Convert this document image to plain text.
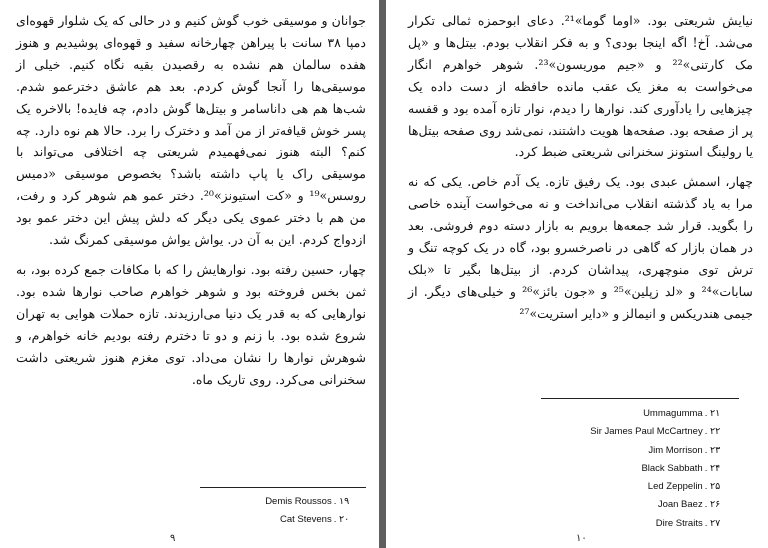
جوانان و موسیقی خوب گوش کنیم و در حالی که یک شلوار قهوه‌ای دمپا ۳۸ سانت با پیراهن چهارخانه سفید و قهوه‌ای پوشیدیم و هنوز هفده سالمان هم نشده به رقصیدن بقیه نگاه کنیم. خیلی از موسیقی‌ها را آنجا گوش کردم. بعد هم عاشق دخترعمو شدم. شب‌ها هم هی داناسامر و بیتل‌ها گوش دادم، چه فایده! بالاخره یک پسر خوش قیافه‌تر از من آمد و دخترک را برد. حالا هم نوه دارد. چه کنم؟ البته هنوز نمی‌فهمیدم شریعتی چه اختلافی می‌تواند با موسیقی راک یا پاپ داشته باشد؟ بخصوص موسیقی «دمیس روسس»¹⁹ و «کت استیونز»²⁰. دختر عمو هم شوهر کرد و رفت، من هم با دختر عمو‌ی یکی دیگر که دلش پیش این دختر عمو بود ازدواج کردم. این به آن در. یواش یواش موسیقی کمرنگ شد.

چهار، حسین رفته بود. نوارهایش را که با مکافات جمع کرده بود، به ثمن بخس فروخته بود و شوهر خواهرم صاحب نوارها شده بود. نوارهایی که به قدر یک دنیا می‌ارزیدند. تازه حملات هوایی به تهران شروع شده بود. با زنم و دو تا دخترم رفته بودیم خانه خواهرم، و شوهرش نوارها را نشان می‌داد. توی مغزم هنوز شریعتی داشت سخنرانی می‌کرد. روی تاریک ماه.

Demis Roussos . ۱۹
Cat Stevens . ۲۰
۹

نیایش شریعتی بود. «اوما گوما»²¹. دعای ابوحمزه ثمالی تکرار می‌شد. آخ! اگه اینجا بودی؟ و به فکر انقلاب بودم. بیتل‌ها و «پل مک کارتنی»²² و «جیم موریسون»²³. شوهر خواهرم انگار می‌خواست به مغز یک عقب مانده حافظه از دست داده یک چیزهایی را یادآوری کند. نوارها را دیدم، نوار تازه آمده بود و قفسه پر از صفحه بود. صفحه‌ها هویت داشتند، نمی‌شد روی صفحه بیتل‌ها یا رولینگ استونز سخنرانی شریعتی ضبط کرد.

چهار، اسمش عبدی بود. یک رفیق تازه. یک آدم خاص. یکی که نه مرا به یاد گذشته انقلاب می‌انداخت و نه می‌خواست آینده خاصی را بگوید. قرار شد جمعه‌ها برویم به بازار دسته دوم فروشی. بعد در همان بازار که گاهی در ناصرخسرو بود، گاه در یک کوچه تنگ و ترش توی منوچهری، پیداشان کردم. از بیتل‌ها بگیر تا «بلک سابات»²⁴ و «لد زپلین»²⁵ و «جون بائز»²⁶ و خیلی‌های دیگر. از جیمی هندریکس و انیمالز و «دایر استریت»²⁷

Ummagumma . ۲۱
Sir James Paul McCartney . ۲۲
Jim Morrison . ۲۳
Black Sabbath . ۲۴
Led Zeppelin . ۲۵
Joan Baez . ۲۶
Dire Straits . ۲۷
۱۰
